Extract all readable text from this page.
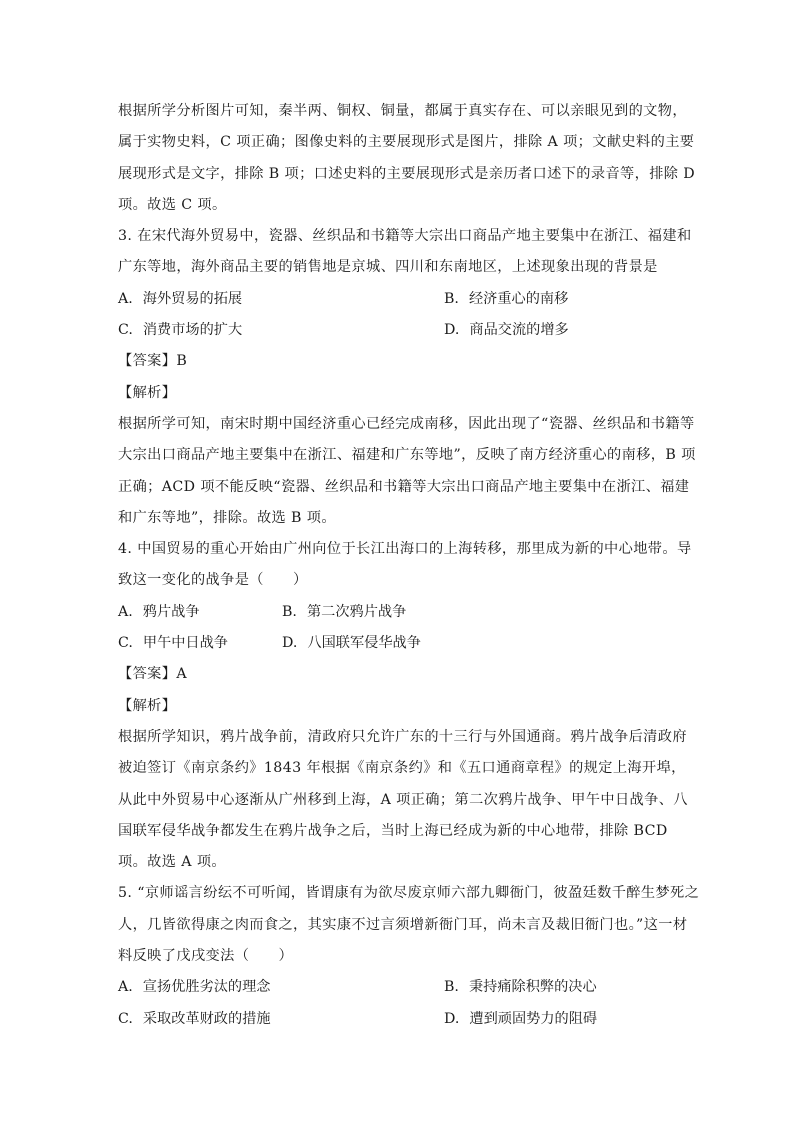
根据所学分析图片可知，秦半两、铜权、铜量，都属于真实存在、可以亲眼见到的文物，
属于实物史料，C 项正确；图像史料的主要展现形式是图片，排除 A 项；文献史料的主要
展现形式是文字，排除 B 项；口述史料的主要展现形式是亲历者口述下的录音等，排除 D
项。故选 C 项。
3. 在宋代海外贸易中，瓷器、丝织品和书籍等大宗出口商品产地主要集中在浙江、福建和
广东等地，海外商品主要的销售地是京城、四川和东南地区，上述现象出现的背景是
A. 海外贸易的拓展	B. 经济重心的南移
C. 消费市场的扩大	D. 商品交流的增多
【答案】B
【解析】
根据所学可知，南宋时期中国经济重心已经完成南移，因此出现了“瓷器、丝织品和书籍等
大宗出口商品产地主要集中在浙江、福建和广东等地”，反映了南方经济重心的南移，B 项
正确；ACD 项不能反映“瓷器、丝织品和书籍等大宗出口商品产地主要集中在浙江、福建
和广东等地”，排除。故选 B 项。
4. 中国贸易的重心开始由广州向位于长江出海口的上海转移，那里成为新的中心地带。导
致这一变化的战争是（　　）
A. 鸦片战争	B. 第二次鸦片战争
C. 甲午中日战争	D. 八国联军侵华战争
【答案】A
【解析】
根据所学知识，鸦片战争前，清政府只允许广东的十三行与外国通商。鸦片战争后清政府
被迫签订《南京条约》1843 年根据《南京条约》和《五口通商章程》的规定上海开埠，
从此中外贸易中心逐渐从广州移到上海，A 项正确；第二次鸦片战争、甲午中日战争、八
国联军侵华战争都发生在鸦片战争之后，当时上海已经成为新的中心地带，排除 BCD
项。故选 A 项。
5. “京师谣言纷纭不可听闻，皆谓康有为欲尽废京师六部九卿衙门，彼盈廷数千醉生梦死之
人，几皆欲得康之肉而食之，其实康不过言须增新衙门耳，尚未言及裁旧衙门也。”这一材
料反映了戊戌变法（　　）
A. 宣扬优胜劣汰的理念	B. 秉持痛除积弊的决心
C. 采取改革财政的措施	D. 遭到顽固势力的阻碍
